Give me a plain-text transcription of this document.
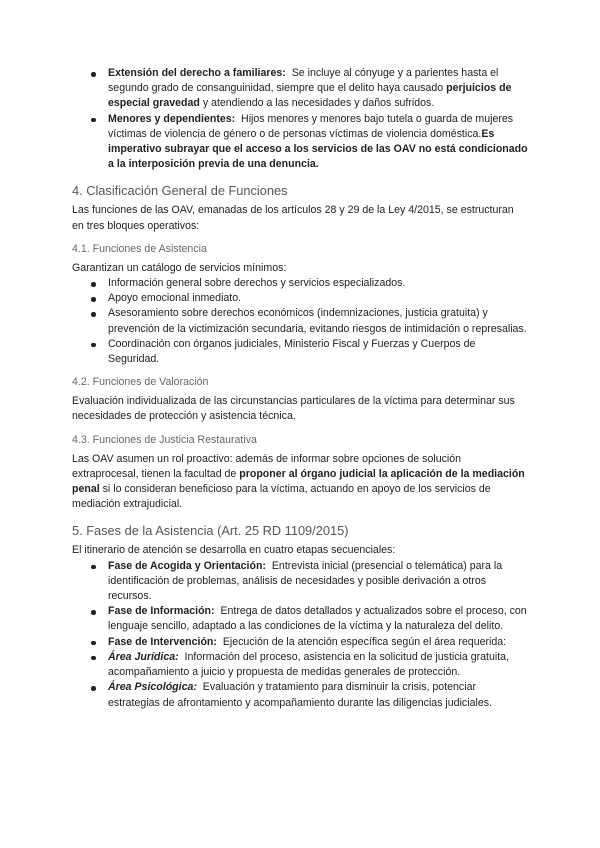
Extensión del derecho a familiares: Se incluye al cónyuge y a parientes hasta el segundo grado de consanguinidad, siempre que el delito haya causado perjuicios de especial gravedad y atendiendo a las necesidades y daños sufridos.
Menores y dependientes: Hijos menores y menores bajo tutela o guarda de mujeres víctimas de violencia de género o de personas víctimas de violencia doméstica.Es imperativo subrayar que el acceso a los servicios de las OAV no está condicionado a la interposición previa de una denuncia.
4. Clasificación General de Funciones

Las funciones de las OAV, emanadas de los artículos 28 y 29 de la Ley 4/2015, se estructuran en tres bloques operativos:

4.1. Funciones de Asistencia

Garantizan un catálogo de servicios mínimos:

Información general sobre derechos y servicios especializados.
Apoyo emocional inmediato.
Asesoramiento sobre derechos económicos (indemnizaciones, justicia gratuita) y prevención de la victimización secundaria, evitando riesgos de intimidación o represalias.
Coordinación con órganos judiciales, Ministerio Fiscal y Fuerzas y Cuerpos de Seguridad.
4.2. Funciones de Valoración

Evaluación individualizada de las circunstancias particulares de la víctima para determinar sus necesidades de protección y asistencia técnica.

4.3. Funciones de Justicia Restaurativa

Las OAV asumen un rol proactivo: además de informar sobre opciones de solución extraprocesal, tienen la facultad de proponer al órgano judicial la aplicación de la mediación penal si lo consideran beneficioso para la víctima, actuando en apoyo de los servicios de mediación extrajudicial.

5. Fases de la Asistencia (Art. 25 RD 1109/2015)

El itinerario de atención se desarrolla en cuatro etapas secuenciales:

Fase de Acogida y Orientación: Entrevista inicial (presencial o telemática) para la identificación de problemas, análisis de necesidades y posible derivación a otros recursos.
Fase de Información: Entrega de datos detallados y actualizados sobre el proceso, con lenguaje sencillo, adaptado a las condiciones de la víctima y la naturaleza del delito.
Fase de Intervención: Ejecución de la atención específica según el área requerida:
Área Jurídica: Información del proceso, asistencia en la solicitud de justicia gratuita, acompañamiento a juicio y propuesta de medidas generales de protección.
Área Psicológica: Evaluación y tratamiento para disminuir la crisis, potenciar estrategias de afrontamiento y acompañamiento durante las diligencias judiciales.
